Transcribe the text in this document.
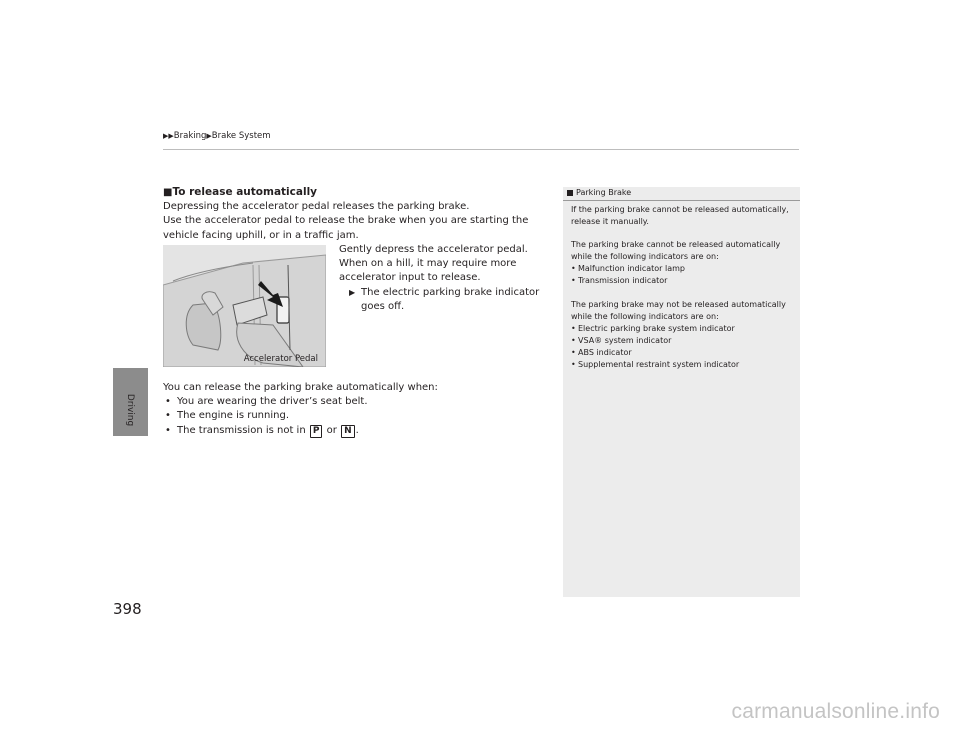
▶▶Braking▶Brake System
Driving
398
■To release automatically
Depressing the accelerator pedal releases the parking brake.
Use the accelerator pedal to release the brake when you are starting the vehicle facing uphill, or in a traffic jam.
Accelerator Pedal
Gently depress the accelerator pedal.
When on a hill, it may require more accelerator input to release.
▶ The electric parking brake indicator goes off.
You can release the parking brake automatically when:
• You are wearing the driver’s seat belt.
• The engine is running.
• The transmission is not in P or N .
Parking Brake
If the parking brake cannot be released automatically, release it manually.
The parking brake cannot be released automatically while the following indicators are on:
• Malfunction indicator lamp
• Transmission indicator
The parking brake may not be released automatically while the following indicators are on:
• Electric parking brake system indicator
• VSA® system indicator
• ABS indicator
• Supplemental restraint system indicator
carmanualsonline.info
